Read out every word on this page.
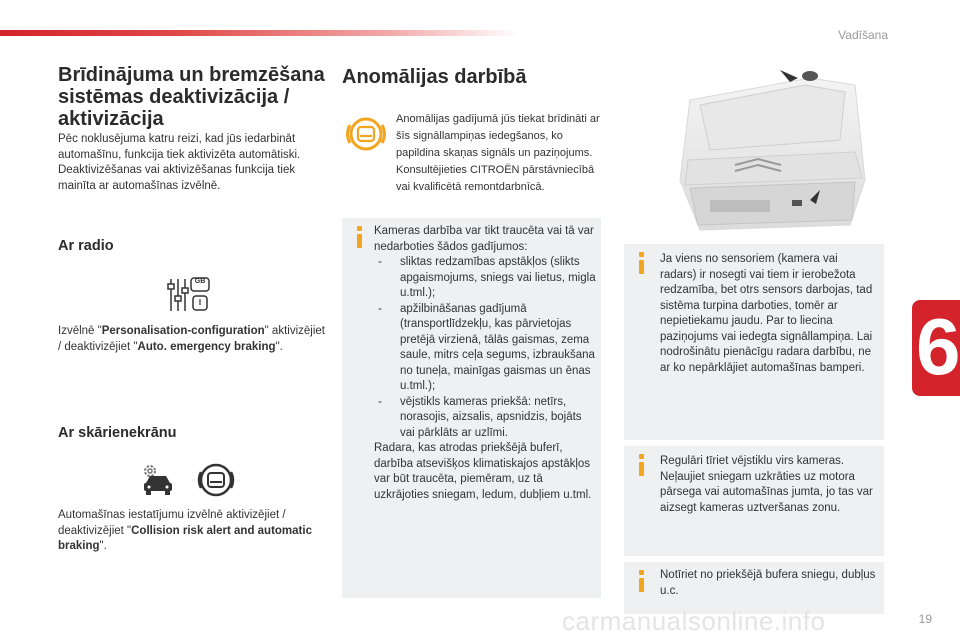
Vadīšana
6
Brīdinājuma un bremzēšana sistēmas deaktivizācija / aktivizācija
Pēc noklusējuma katru reizi, kad jūs iedarbināt automašīnu, funkcija tiek aktivizēta automātiski. Deaktivizēšanas vai aktivizēšanas funkcija tiek mainīta ar automašīnas izvēlnē.
Ar radio
GB
I
Izvēlnē "Personalisation-configuration" aktivizējiet / deaktivizējiet "Auto. emergency braking".
Ar skārienekrānu
Automašīnas iestatījumu izvēlnē aktivizējiet / deaktivizējiet "Collision risk alert and automatic braking".
Anomālijas darbībā
Anomālijas gadījumā jūs tiekat brīdināti ar šīs signāllampiņas iedegšanos, ko papildina skaņas signāls un paziņojums. Konsultējieties CITROËN pārstāvniecībā vai kvalificētā remontdarbnīcā.
Kameras darbība var tikt traucēta vai tā var nedarboties šādos gadījumos:
- sliktas redzamības apstākļos (slikts apgaismojums, sniegs vai lietus, migla u.tml.);
- apžilbināšanas gadījumā (transportlīdzekļu, kas pārvietojas pretējā virzienā, tālās gaismas, zema saule, mitrs ceļa segums, izbraukšana no tuneļa, mainīgas gaismas un ēnas u.tml.);
- vējstikls kameras priekšā: netīrs, norasojis, aizsalis, apsnidzis, bojāts vai pārklāts ar uzlīmi.
Radara, kas atrodas priekšējā buferī, darbība atsevišķos klimatiskajos apstākļos var būt traucēta, piemēram, uz tā uzkrājoties sniegam, ledum, dubļiem u.tml.
Ja viens no sensoriem (kamera vai radars) ir nosegti vai tiem ir ierobežota redzamība, bet otrs sensors darbojas, tad sistēma turpina darboties, tomēr ar nepietiekamu jaudu. Par to liecina paziņojums vai iedegta signāllampiņa. Lai nodrošinātu pienācīgu radara darbību, ne ar ko nepārklājiet automašīnas bamperi.
Regulāri tīriet vējstiklu virs kameras. Neļaujiet sniegam uzkrāties uz motora pārsega vai automašīnas jumta, jo tas var aizsegt kameras uztveršanas zonu.
Notīriet no priekšējā bufera sniegu, dubļus u.c.
carmanualsonline.info	19
